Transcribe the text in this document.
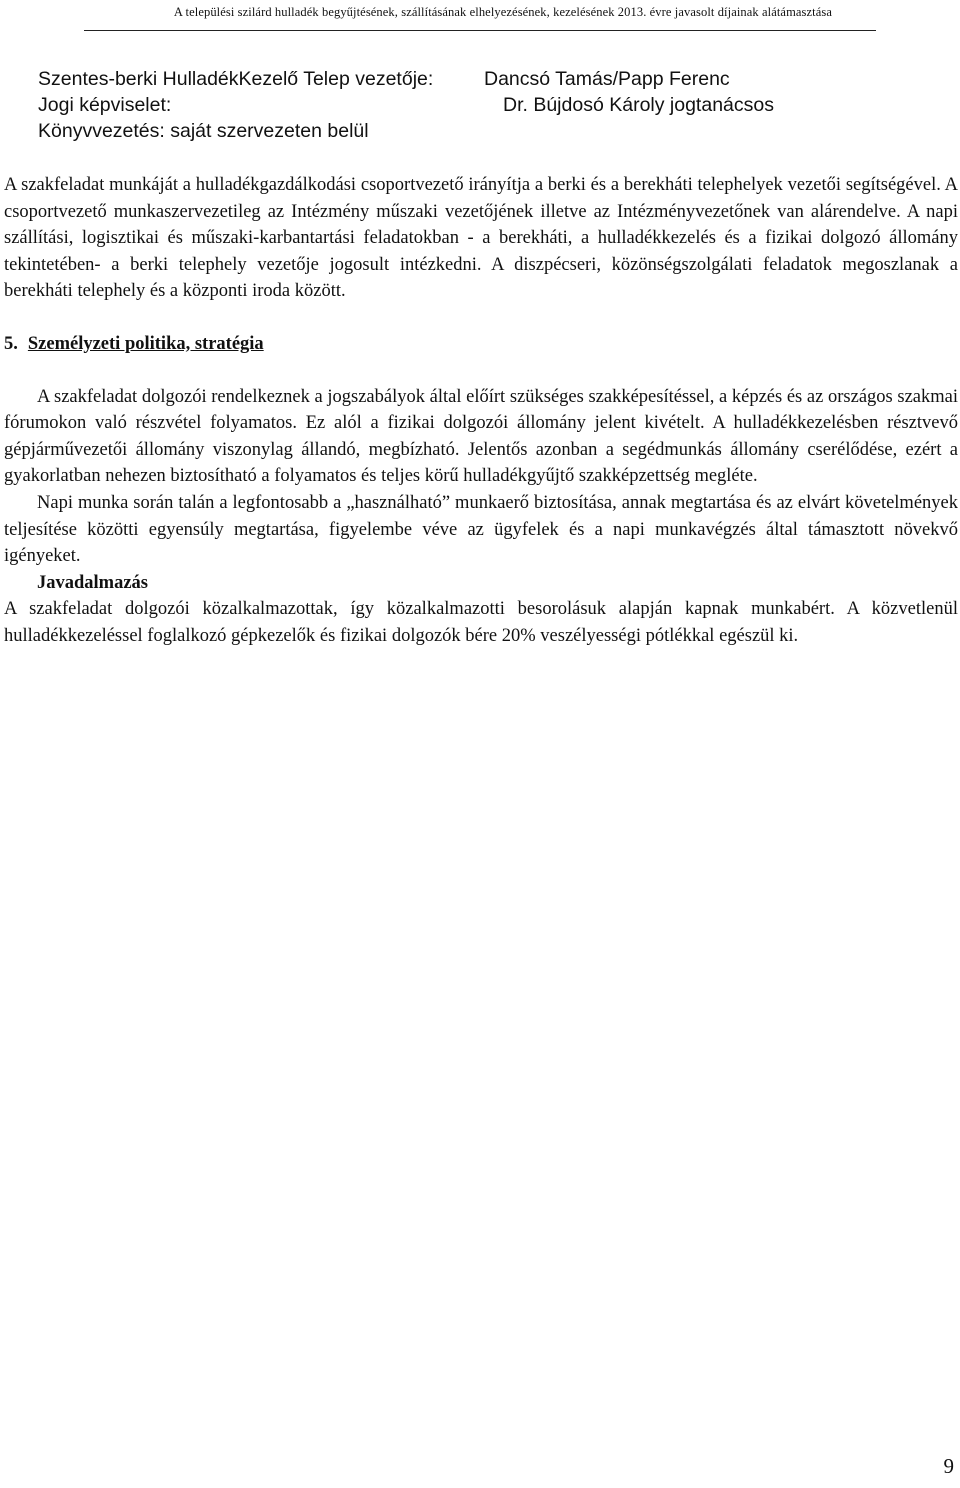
A települési szilárd hulladék begyűjtésének, szállításának elhelyezésének, kezelésének 2013. évre javasolt díjainak alátámasztása
Szentes-berki HulladékKezelő Telep vezetője:	Dancsó Tamás/Papp Ferenc
Jogi képviselet:	Dr. Bújdosó Károly jogtanácsos
Könyvvezetés: saját szervezeten belül

A szakfeladat munkáját a hulladékgazdálkodási csoportvezető irányítja a berki és a berekháti telephelyek vezetői segítségével. A csoportvezető munkaszervezetileg az Intézmény műszaki vezetőjének illetve az Intézményvezetőnek van alárendelve. A napi szállítási, logisztikai és műszaki-karbantartási feladatokban - a berekháti, a hulladékkezelés és a fizikai dolgozó állomány tekintetében- a berki telephely vezetője jogosult intézkedni. A diszpécseri, közönségszolgálati feladatok megoszlanak a berekháti telephely és a központi iroda között.

5. Személyzeti politika, stratégia

A szakfeladat dolgozói rendelkeznek a jogszabályok által előírt szükséges szakképesítéssel, a képzés és az országos szakmai fórumokon való részvétel folyamatos. Ez alól a fizikai dolgozói állomány jelent kivételt. A hulladékkezelésben résztvevő gépjárművezetői állomány viszonylag állandó, megbízható. Jelentős azonban a segédmunkás állomány cserélődése, ezért a gyakorlatban nehezen biztosítható a folyamatos és teljes körű hulladékgyűjtő szakképzettség megléte.

Napi munka során talán a legfontosabb a „használható” munkaerő biztosítása, annak megtartása és az elvárt követelmények teljesítése közötti egyensúly megtartása, figyelembe véve az ügyfelek és a napi munkavégzés által támasztott növekvő igényeket.

Javadalmazás

A szakfeladat dolgozói közalkalmazottak, így közalkalmazotti besorolásuk alapján kapnak munkabért. A közvetlenül hulladékkezeléssel foglalkozó gépkezelők és fizikai dolgozók bére 20% veszélyességi pótlékkal egészül ki.

9
